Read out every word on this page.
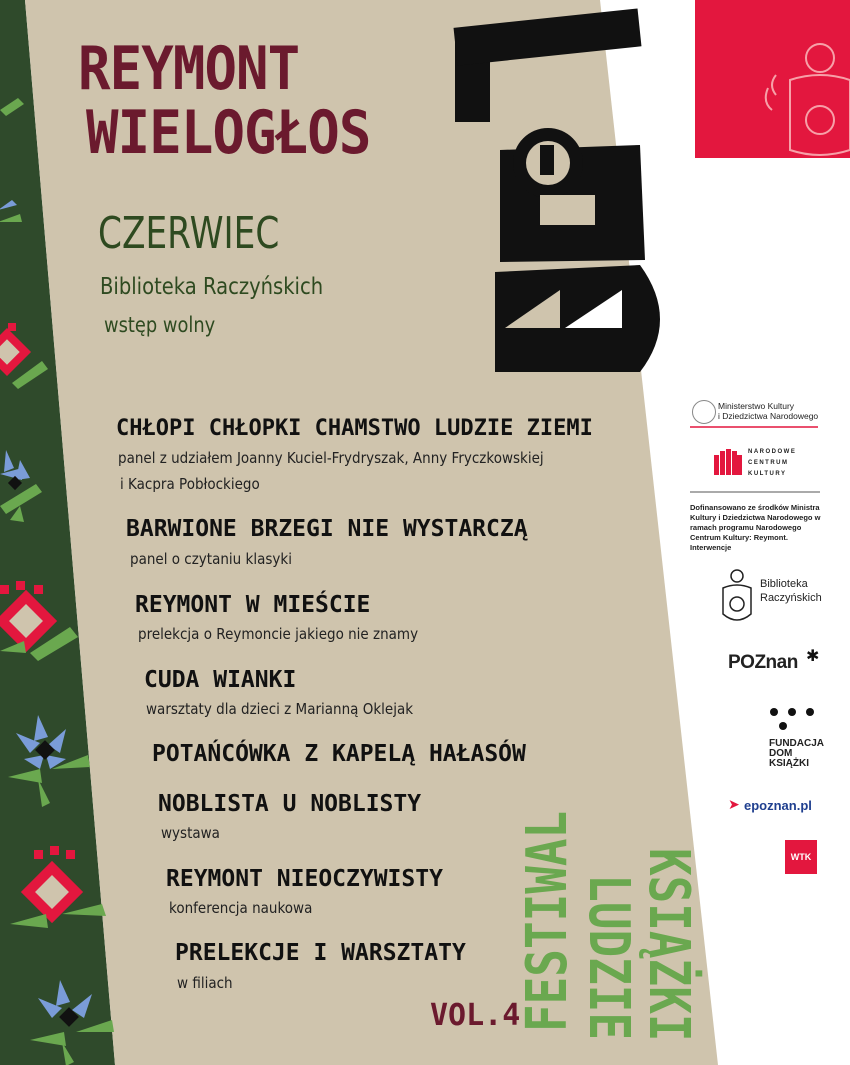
REYMONT
WIELOGŁOS
CZERWIEC
Biblioteka Raczyńskich
wstęp wolny
CHŁOPI CHŁOPKI CHAMSTWO LUDZIE ZIEMI
panel z udziałem Joanny Kuciel-Frydryszak, Anny Fryczkowskiej
i Kacpra Pobłockiego
BARWIONE BRZEGI NIE WYSTARCZĄ
panel o czytaniu klasyki
REYMONT W MIEŚCIE
prelekcja o Reymoncie jakiego nie znamy
CUDA WIANKI
warsztaty dla dzieci z Marianną Oklejak
POTAŃCÓWKA Z KAPELĄ HAŁASÓW
NOBLISTA U NOBLISTY
wystawa
REYMONT NIEOCZYWISTY
konferencja naukowa
PRELEKCJE I WARSZTATY
w filiach
VOL.4
FESTIWAL
LUDZIE
KSIĄŻKI
Ministerstwo Kultury
i Dziedzictwa Narodowego
NARODOWE
CENTRUM
KULTURY
Dofinansowano ze środków Ministra Kultury i Dziedzictwa Narodowego w ramach programu Narodowego Centrum Kultury: Reymont. Interwencje
Biblioteka
Raczyńskich
POZnan ✱
FUNDACJA
DOM
KSIĄŻKI
➤ epoznan.pl
WTK
